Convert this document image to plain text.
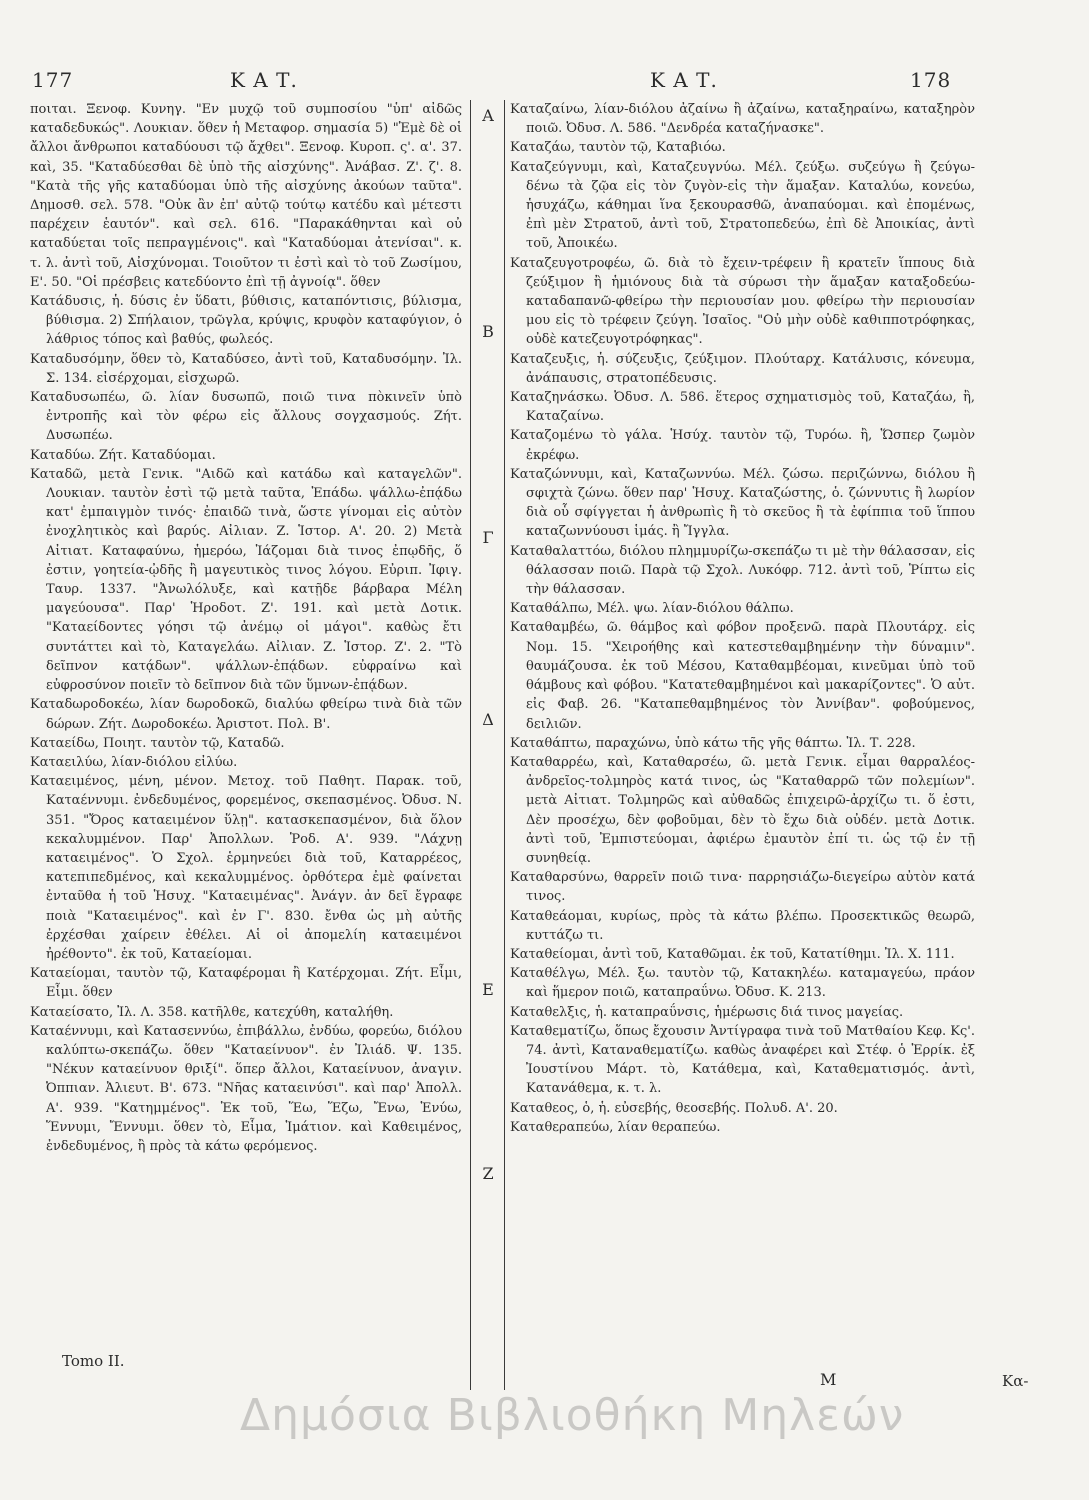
177	Κ Α Τ.	Κ Α Τ.	178

ποιται. Ξενοφ. Κυνηγ. "Εν μυχῷ τοῦ συμποσίου "ὑπ' αἰδῶς καταδεδυκώς". Λουκιαν. ὅθεν ἡ Μεταφορ. σημασία 5) "Ἐμὲ δὲ οἱ ἄλλοι ἄνθρωποι καταδύουσι τῷ ἄχθει". Ξενοφ. Κυροπ. ς'. α'. 37. καὶ, 35. "Καταδύεσθαι δὲ ὑπὸ τῆς αἰσχύνης". Ἀνάβασ. Ζ'. ζ'. 8. "Κατὰ τῆς γῆς καταδύομαι ὑπὸ τῆς αἰσχύνης ἀκούων ταῦτα". Δημοσθ. σελ. 578. "Οὐκ ἂν ἐπ' αὐτῷ τούτῳ κατέδυ καὶ μέτεστι παρέχειν ἑαυτόν". καὶ σελ. 616. "Παρακάθηνται καὶ οὐ καταδύεται τοῖς πεπραγμένοις". καὶ "Καταδύομαι ἀτενίσαι". κ. τ. λ. ἀντὶ τοῦ, Αἰσχύνομαι. Τοιοῦτον τι ἐστὶ καὶ τὸ τοῦ Ζωσίμου, Ε'. 50. "Οἱ πρέσβεις κατεδύοντο ἐπὶ τῇ ἀγνοίᾳ". ὅθεν

Κατάδυσις, ἡ. δύσις ἐν ὕδατι, βύθισις, καταπόντισις, βύλισμα, βύθισμα. 2) Σπήλαιον, τρῶγλα, κρύψις, κρυφὸν καταφύγιον, ὁ λάθριος τόπος καὶ βαθύς, φωλεός.

Καταδυσόμην, ὅθεν τὸ, Καταδύσεο, ἀντὶ τοῦ, Καταδυσόμην. Ἰλ. Σ. 134. εἰσέρχομαι, εἰσχωρῶ.

Καταδυσωπέω, ῶ. λίαν δυσωπῶ, ποιῶ τινα πὸκινεῖν ὑπὸ ἐντροπῆς καὶ τὸν φέρω εἰς ἄλλους σογχασμούς. Ζήτ. Δυσωπέω.

Καταδύω. Ζήτ. Καταδύομαι.

Καταδῶ, μετὰ Γενικ. "Αιδῶ καὶ κατάδω καὶ καταγελῶν". Λουκιαν. ταυτὸν ἐστὶ τῷ μετὰ ταῦτα, Ἐπάδω. ψάλλω-ἐπᾴδω κατ' ἐμπαιγμὸν τινός· ἐπαιδῶ τινὰ, ὥστε γίνομαι εἰς αὐτὸν ἐνοχλητικὸς καὶ βαρύς. Αἰλιαν. Ζ. Ἱστορ. Α'. 20. 2) Μετὰ Αἰτιατ. Καταφαύνω, ἡμερόω, Ἰάζομαι διὰ τινος ἐπῳδῆς, ὅ ἐστιν, γοητεία-ᾠδῆς ἢ μαγευτικὸς τινος λόγου. Εὐριπ. Ἰφιγ. Ταυρ. 1337. "Ἀνωλόλυξε, καὶ κατῇδε βάρβαρα Μέλη μαγεύουσα". Παρ' Ἡροδοτ. Ζ'. 191. καὶ μετὰ Δοτικ. "Καταείδοντες γόησι τῷ ἀνέμῳ οἱ μάγοι". καθὼς ἔτι συντάττει καὶ τὸ, Καταγελάω. Αἰλιαν. Ζ. Ἱστορ. Ζ'. 2. "Τὸ δεῖπνον κατᾴδων". ψάλλων-ἐπᾴδων. εὐφραίνω καὶ εὐφροσύνον ποιεῖν τὸ δεῖπνον διὰ τῶν ὕμνων-ἐπᾴδων.

Καταδωροδοκέω, λίαν δωροδοκῶ, διαλύω φθείρω τινὰ διὰ τῶν δώρων. Ζήτ. Δωροδοκέω. Ἀριστοτ. Πολ. Β'.

Καταείδω, Ποιητ. ταυτὸν τῷ, Καταδῶ.

Καταειλύω, λίαν-διόλου εἰλύω.

Καταειμένος, μένη, μένον. Μετοχ. τοῦ Παθητ. Παρακ. τοῦ, Καταέννυμι. ἐνδεδυμένος, φορεμένος, σκεπασμένος. Ὀδυσ. Ν. 351. "Ὄρος καταειμένον ὕλῃ". κατασκεπασμένον, διὰ ὅλον κεκαλυμμένον. Παρ' Ἀπολλων. Ῥοδ. Α'. 939. "Λάχνῃ καταειμένος". Ὁ Σχολ. ἑρμηνεύει διὰ τοῦ, Καταρρέεος, κατεπιπεδμένος, καὶ κεκαλυμμένος. ὀρθότερα ἐμὲ φαίνεται ἐνταῦθα ἡ τοῦ Ἡσυχ. "Καταειμένας". Ἀνάγν. ἀν δεῖ ἔγραφε ποιὰ "Καταειμένος". καὶ ἐν Γ'. 830. ἔνθα ὡς μὴ αὐτῆς ἐρχέσθαι χαίρειν ἐθέλει. Αἱ οἱ ἀπομελίη καταειμένοι ἠρέθοντο". ἐκ τοῦ, Καταείομαι.

Καταείομαι, ταυτὸν τῷ, Καταφέρομαι ἢ Κατέρχομαι. Ζήτ. Εἶμι, Εἶμι. ὅθεν

Καταείσατο, Ἰλ. Λ. 358. κατῆλθε, κατεχύθη, καταλήθη.

Καταέννυμι, καὶ Κατασεννύω, ἐπιβάλλω, ἐνδύω, φορεύω, διόλου καλύπτω-σκεπάζω. ὅθεν "Καταείνυον". ἐν Ἰλιάδ. Ψ. 135. "Νέκυν καταείνυον θριξί". ὅπερ ἄλλοι, Καταείνυον, ἀναγιν. Ὀππιαν. Ἀλιευτ. Β'. 673. "Νῆας καταεινύσι". καὶ παρ' Ἀπολλ. Α'. 939. "Κατημμένος". Ἐκ τοῦ, Ἕω, Ἕζω, Ἔνω, Ἑνύω, Ἕννυμι, Ἔννυμι. ὅθεν τὸ, Εἷμα, Ἱμάτιον. καὶ Καθειμένος, ἐνδεδυμένος, ἢ πρὸς τὰ κάτω φερόμενος.

Α
Β
Γ
Δ
Ε
Ζ

Καταζαίνω, λίαν-διόλου ἀζαίνω ἢ ἀζαίνω, καταξηραίνω, καταξηρὸν ποιῶ. Ὀδυσ. Λ. 586. "Δενδρέα καταζήνασκε".

Καταζάω, ταυτὸν τῷ, Καταβιόω.

Καταζεύγνυμι, καὶ, Καταζευγνύω. Μέλ. ζεύξω. συζεύγω ἢ ζεύγω-δένω τὰ ζῷα εἰς τὸν ζυγὸν-εἰς τὴν ἅμαξαν. Καταλύω, κονεύω, ἡσυχάζω, κάθημαι ἵνα ξεκουρασθῶ, ἀναπαύομαι. καὶ ἐπομένως, ἐπὶ μὲν Στρατοῦ, ἀντὶ τοῦ, Στρατοπεδεύω, ἐπὶ δὲ Ἀποικίας, ἀντὶ τοῦ, Ἀποικέω.

Καταζευγοτροφέω, ῶ. διὰ τὸ ἔχειν-τρέφειν ἢ κρατεῖν ἵππους διὰ ζεύξιμον ἢ ἡμιόνους διὰ τὰ σύρωσι τὴν ἅμαξαν καταξοδεύω-καταδαπανῶ-φθείρω τὴν περιουσίαν μου. φθείρω τὴν περιουσίαν μου εἰς τὸ τρέφειν ζεύγη. Ἰσαῖος. "Οὐ μὴν οὐδὲ καθιπποτρόφηκας, οὐδὲ κατεζευγοτρόφηκας".

Καταζευξις, ἡ. σύζευξις, ζεύξιμον. Πλούταρχ. Κατάλυσις, κόνευμα, ἀνάπαυσις, στρατοπέδευσις.

Καταζηνάσκω. Ὀδυσ. Λ. 586. ἕτερος σχηματισμὸς τοῦ, Καταζάω, ἢ, Καταζαίνω.

Καταζομένω τὸ γάλα. Ἡσύχ. ταυτὸν τῷ, Τυρόω. ἢ, Ὥσπερ ζωμὸν ἐκρέφω.

Καταζώννυμι, καὶ, Καταζωννύω. Μέλ. ζώσω. περιζώννω, διόλου ἢ σφιχτὰ ζώνω. ὅθεν παρ' Ἡσυχ. Καταζώστης, ὁ. ζώννυτις ἢ λωρίον διὰ οὗ σφίγγεται ἡ ἀνθρωπὶς ἢ τὸ σκεῦος ἢ τὰ ἐφίππια τοῦ ἵππου καταζωννύουσι ἱμάς. ἢ Ἴγγλα.

Καταθαλαττόω, διόλου πλημμυρίζω-σκεπάζω τι μὲ τὴν θάλασσαν, εἰς θάλασσαν ποιῶ. Παρὰ τῷ Σχολ. Λυκόφρ. 712. ἀντὶ τοῦ, Ῥίπτω εἰς τὴν θάλασσαν.

Καταθάλπω, Μέλ. ψω. λίαν-διόλου θάλπω.

Καταθαμβέω, ῶ. θάμβος καὶ φόβον προξενῶ. παρὰ Πλουτάρχ. εἰς Νομ. 15. "Χειροήθης καὶ κατεστεθαμβημένην τὴν δύναμιν". θαυμάζουσα. ἐκ τοῦ Μέσου, Καταθαμβέομαι, κινεῦμαι ὑπὸ τοῦ θάμβους καὶ φόβου. "Κατατεθαμβημένοι καὶ μακαρίζοντες". Ὁ αὐτ. εἰς Φαβ. 26. "Καταπεθαμβημένος τὸν Ἀννίβαν". φοβούμενος, δειλιῶν.

Καταθάπτω, παραχώνω, ὑπὸ κάτω τῆς γῆς θάπτω. Ἰλ. Τ. 228.

Καταθαρρέω, καὶ, Καταθαρσέω, ῶ. μετὰ Γενικ. εἶμαι θαρραλέος-ἀνδρεῖος-τολμηρὸς κατά τινος, ὡς "Καταθαρρῶ τῶν πολεμίων". μετὰ Αἰτιατ. Τολμηρῶς καὶ αὐθαδῶς ἐπιχειρῶ-ἀρχίζω τι. ὅ ἐστι, Δὲν προσέχω, δὲν φοβοῦμαι, δὲν τὸ ἔχω διὰ οὐδέν. μετὰ Δοτικ. ἀντὶ τοῦ, Ἐμπιστεύομαι, ἀφιέρω ἐμαυτὸν ἐπί τι. ὡς τῷ ἐν τῇ συνηθείᾳ.

Καταθαρσύνω, θαρρεῖν ποιῶ τινα· παρρησιάζω-διεγείρω αὐτὸν κατά τινος.

Καταθεάομαι, κυρίως, πρὸς τὰ κάτω βλέπω. Προσεκτικῶς θεωρῶ, κυττάζω τι.

Καταθείομαι, ἀντὶ τοῦ, Καταθῶμαι. ἐκ τοῦ, Κατατίθημι. Ἰλ. Χ. 111.

Καταθέλγω, Μέλ. ξω. ταυτὸν τῷ, Κατακηλέω. καταμαγεύω, πράον καὶ ἥμερον ποιῶ, καταπραΰνω. Ὀδυσ. Κ. 213.

Καταθελξις, ἡ. καταπραΰνσις, ἡμέρωσις διά τινος μαγείας.

Καταθεματίζω, ὅπως ἔχουσιν Ἀντίγραφα τινὰ τοῦ Ματθαίου Κεφ. Κς'. 74. ἀντὶ, Καταναθεματίζω. καθὼς ἀναφέρει καὶ Στέφ. ὁ Ἐρρίκ. ἐξ Ἰουστίνου Μάρτ. τὸ, Κατάθεμα, καὶ, Καταθεματισμός. ἀντὶ, Κατανάθεμα, κ. τ. λ.

Καταθεος, ὁ, ἡ. εὐσεβής, θεοσεβής. Πολυδ. Α'. 20.

Καταθεραπεύω, λίαν θεραπεύω.

Tomo II.
Μ	Κα-
Δημόσια Βιβλιοθήκη Μηλεών
